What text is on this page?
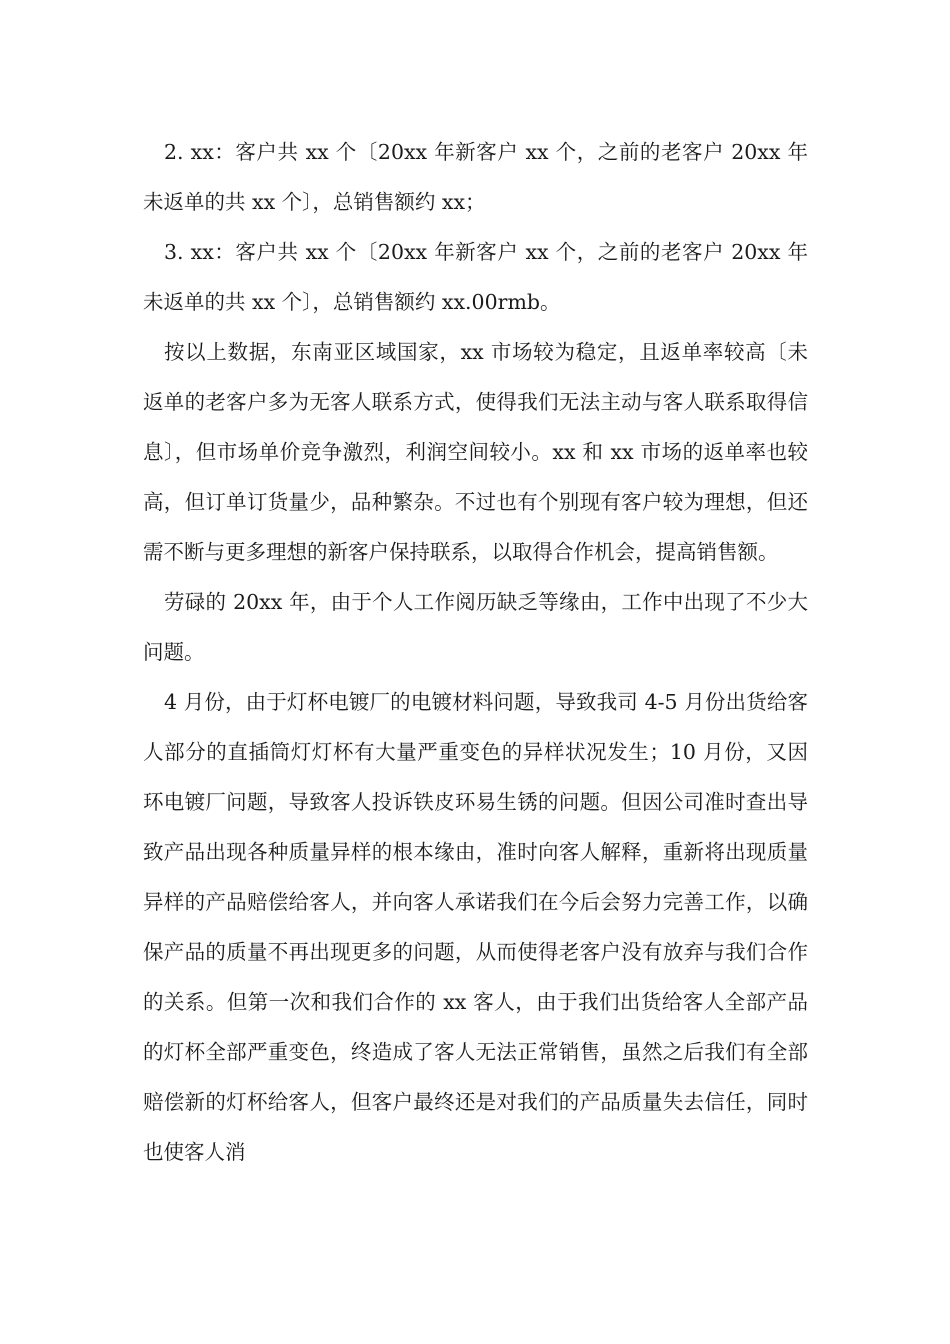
2. xx：客户共 xx 个〔20xx 年新客户 xx 个，之前的老客户 20xx 年未返单的共 xx 个〕，总销售额约 xx；

3. xx：客户共 xx 个〔20xx 年新客户 xx 个，之前的老客户 20xx 年未返单的共 xx 个〕，总销售额约 xx.00rmb。

按以上数据，东南亚区域国家，xx 市场较为稳定，且返单率较高〔未返单的老客户多为无客人联系方式，使得我们无法主动与客人联系取得信息〕，但市场单价竞争激烈，利润空间较小。xx 和 xx 市场的返单率也较高，但订单订货量少，品种繁杂。不过也有个别现有客户较为理想，但还需不断与更多理想的新客户保持联系，以取得合作机会，提高销售额。

劳碌的 20xx 年，由于个人工作阅历缺乏等缘由，工作中出现了不少大问题。

4 月份，由于灯杯电镀厂的电镀材料问题，导致我司 4-5 月份出货给客人部分的直插筒灯灯杯有大量严重变色的异样状况发生；10 月份，又因环电镀厂问题，导致客人投诉铁皮环易生锈的问题。但因公司准时查出导致产品出现各种质量异样的根本缘由，准时向客人解释，重新将出现质量异样的产品赔偿给客人，并向客人承诺我们在今后会努力完善工作，以确保产品的质量不再出现更多的问题，从而使得老客户没有放弃与我们合作的关系。但第一次和我们合作的 xx 客人，由于我们出货给客人全部产品的灯杯全部严重变色，终造成了客人无法正常销售，虽然之后我们有全部赔偿新的灯杯给客人，但客户最终还是对我们的产品质量失去信任，同时也使客人消
